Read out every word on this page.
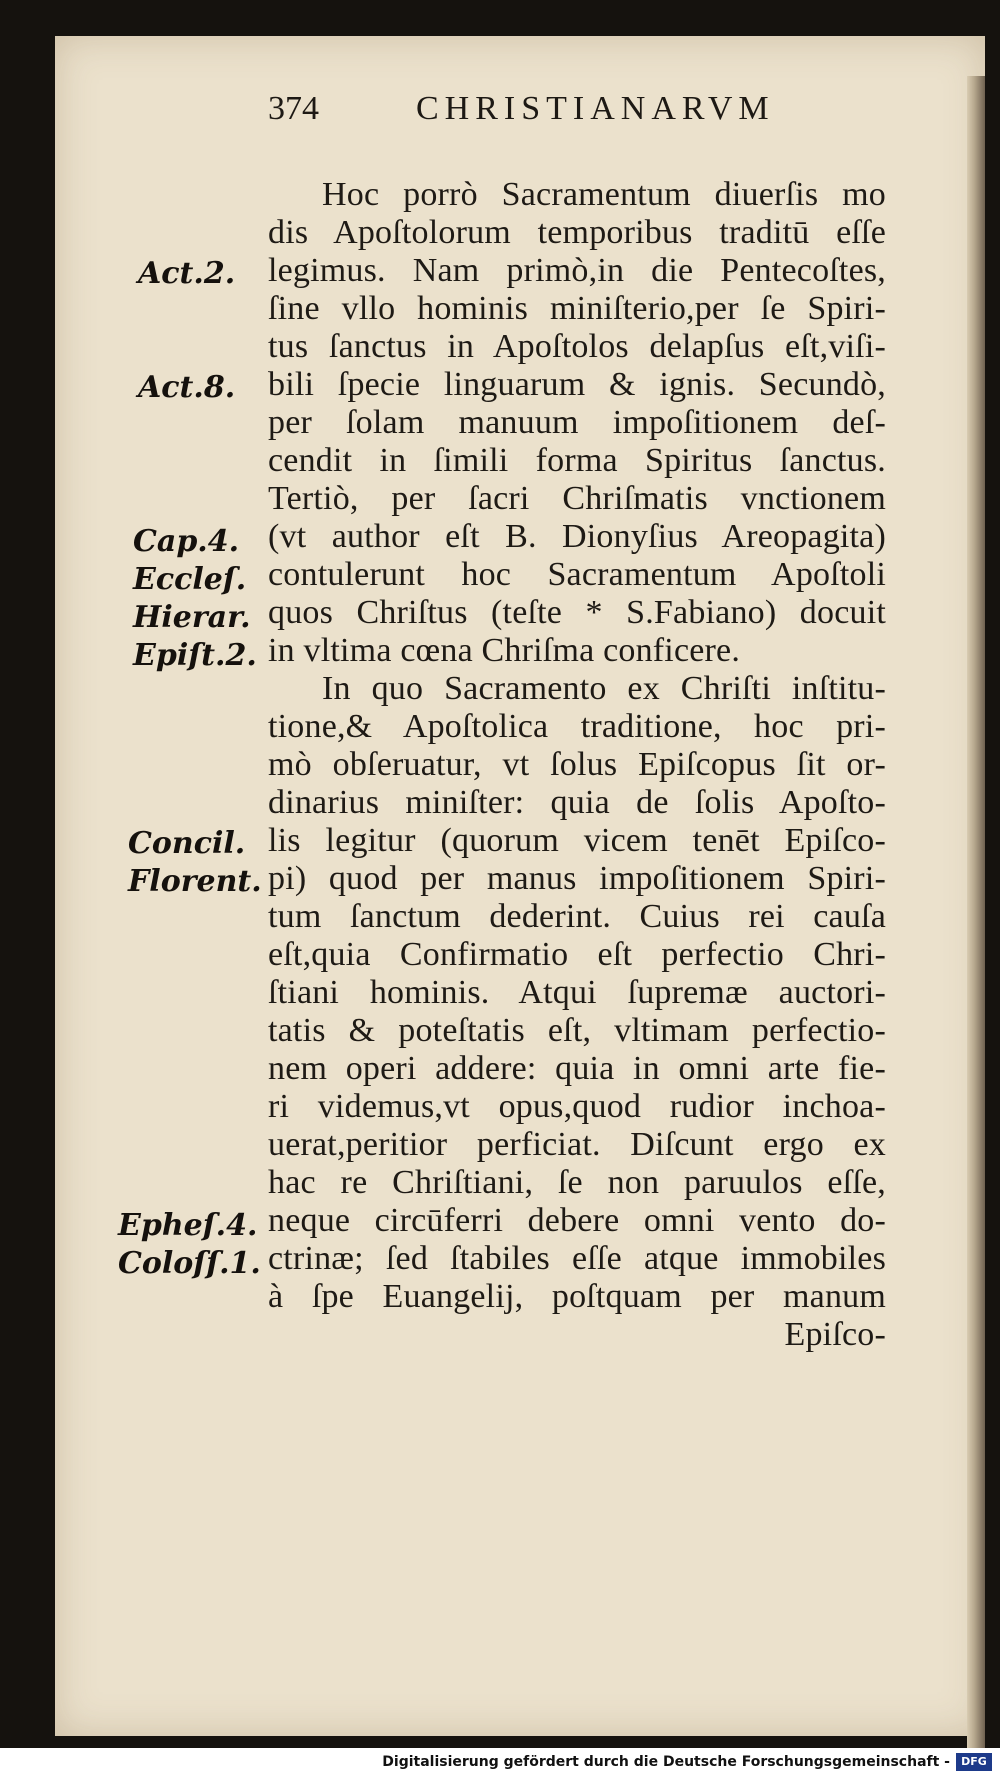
374	CHRISTIANARVM
Hoc porrò Sacramentum diuerſis mo
dis Apoſtolorum temporibus traditū eſſe
legimus. Nam primò,in die Pentecoſtes,
ſine vllo hominis miniſterio,per ſe Spiri-
tus ſanctus in Apoſtolos delapſus eſt,viſi-
bili ſpecie linguarum & ignis. Secundò,
per ſolam manuum impoſitionem deſ-
cendit in ſimili forma Spiritus ſanctus.
Tertiò, per ſacri Chriſmatis vnctionem
(vt author eſt B. Dionyſius Areopagita)
contulerunt hoc Sacramentum Apoſtoli
quos Chriſtus (teſte * S.Fabiano) docuit
in vltima cœna Chriſma conficere.
In quo Sacramento ex Chriſti inſtitu-
tione,& Apoſtolica traditione, hoc pri-
mò obſeruatur, vt ſolus Epiſcopus ſit or-
dinarius miniſter: quia de ſolis Apoſto-
lis legitur (quorum vicem tenēt Epiſco-
pi) quod per manus impoſitionem Spiri-
tum ſanctum dederint. Cuius rei cauſa
eſt,quia Confirmatio eſt perfectio Chri-
ſtiani hominis. Atqui ſupremæ auctori-
tatis & poteſtatis eſt, vltimam perfectio-
nem operi addere: quia in omni arte fie-
ri videmus,vt opus,quod rudior inchoa-
uerat,peritior perficiat. Diſcunt ergo ex
hac re Chriſtiani, ſe non paruulos eſſe,
neque circūferri debere omni vento do-
ctrinæ; ſed ſtabiles eſſe atque immobiles
à ſpe Euangelij, poſtquam per manum
Epiſco-
Act.2.
Act.8.
Cap.4.
Eccleſ.
Hierar.
Epiſt.2.
Concil.
Florent.
Epheſ.4.
Coloſſ.1.
Digitalisierung gefördert durch die Deutsche Forschungsgemeinschaft -	DFG
